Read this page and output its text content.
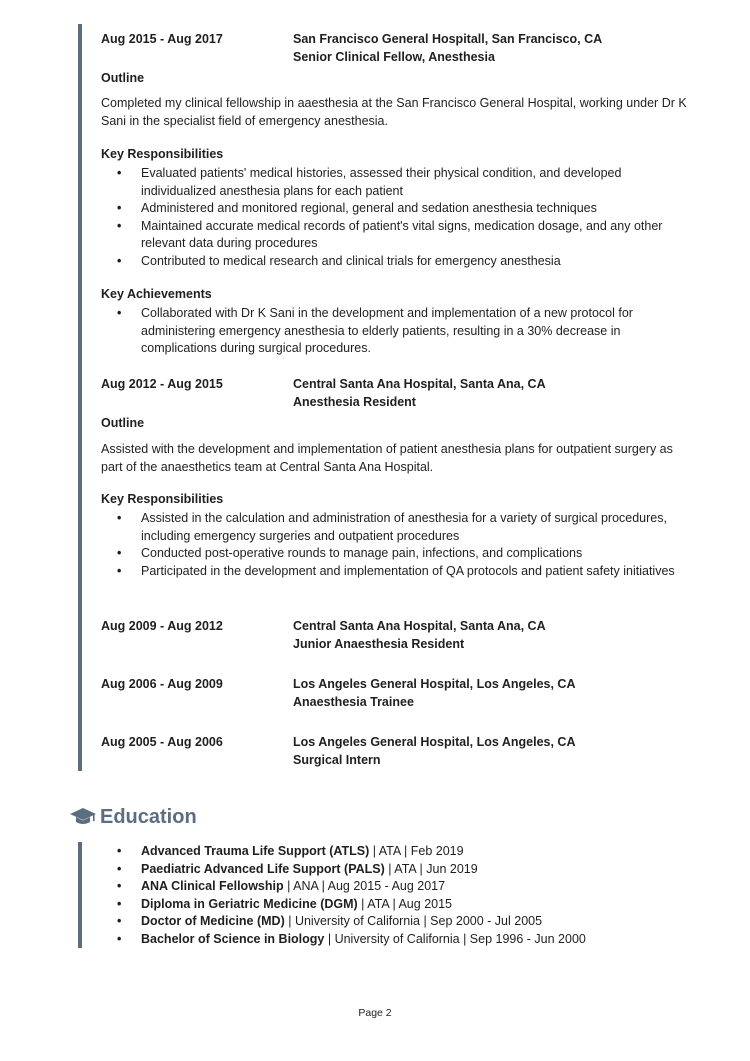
Aug 2015 - Aug 2017	San Francisco General Hospitall, San Francisco, CA
Senior Clinical Fellow, Anesthesia
Outline
Completed my clinical fellowship in aaesthesia at the San Francisco General Hospital, working under Dr K Sani in the specialist field of emergency anesthesia.
Key Responsibilities
• Evaluated patients' medical histories, assessed their physical condition, and developed individualized anesthesia plans for each patient
• Administered and monitored regional, general and sedation anesthesia techniques
• Maintained accurate medical records of patient's vital signs, medication dosage, and any other relevant data during procedures
• Contributed to medical research and clinical trials for emergency anesthesia
Key Achievements
• Collaborated with Dr K Sani in the development and implementation of a new protocol for administering emergency anesthesia to elderly patients, resulting in a 30% decrease in complications during surgical procedures.
Aug 2012 - Aug 2015	Central Santa Ana Hospital, Santa Ana, CA
Anesthesia Resident
Outline
Assisted with the development and implementation of patient anesthesia plans for outpatient surgery as part of the anaesthetics team at Central Santa Ana Hospital.
Key Responsibilities
• Assisted in the calculation and administration of anesthesia for a variety of surgical procedures, including emergency surgeries and outpatient procedures
• Conducted post-operative rounds to manage pain, infections, and complications
• Participated in the development and implementation of QA protocols and patient safety initiatives
Aug 2009 - Aug 2012	Central Santa Ana Hospital, Santa Ana, CA
Junior Anaesthesia Resident
Aug 2006 - Aug 2009	Los Angeles General Hospital, Los Angeles, CA
Anaesthesia Trainee
Aug 2005 - Aug 2006	Los Angeles General Hospital, Los Angeles, CA
Surgical Intern
Education
• Advanced Trauma Life Support (ATLS) | ATA | Feb 2019
• Paediatric Advanced Life Support (PALS) | ATA | Jun 2019
• ANA Clinical Fellowship | ANA | Aug 2015 - Aug 2017
• Diploma in Geriatric Medicine (DGM) | ATA | Aug 2015
• Doctor of Medicine (MD) | University of California | Sep 2000 - Jul 2005
• Bachelor of Science in Biology | University of California | Sep 1996 - Jun 2000
Page 2
